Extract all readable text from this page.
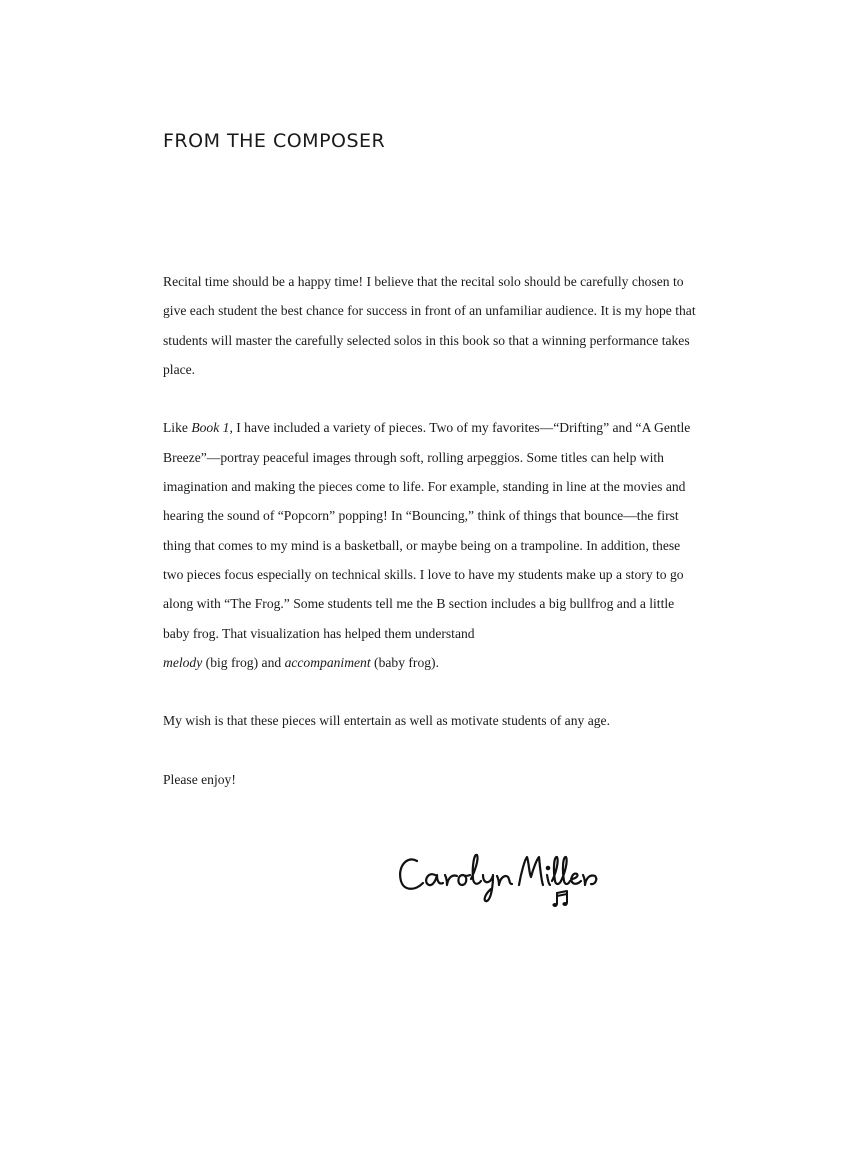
FROM THE COMPOSER

Recital time should be a happy time! I believe that the recital solo should be carefully chosen to give each student the best chance for success in front of an unfamiliar audience. It is my hope that students will master the carefully selected solos in this book so that a winning performance takes place.

Like Book 1, I have included a variety of pieces. Two of my favorites—“Drifting” and “A Gentle Breeze”—portray peaceful images through soft, rolling arpeggios. Some titles can help with imagination and making the pieces come to life. For example, standing in line at the movies and hearing the sound of “Popcorn” popping! In “Bouncing,” think of things that bounce—the first thing that comes to my mind is a basketball, or maybe being on a trampoline. In addition, these two pieces focus especially on technical skills. I love to have my students make up a story to go along with “The Frog.” Some students tell me the B section includes a big bullfrog and a little baby frog. That visualization has helped them understand
melody (big frog) and accompaniment (baby frog).

My wish is that these pieces will entertain as well as motivate students of any age.

Please enjoy!
